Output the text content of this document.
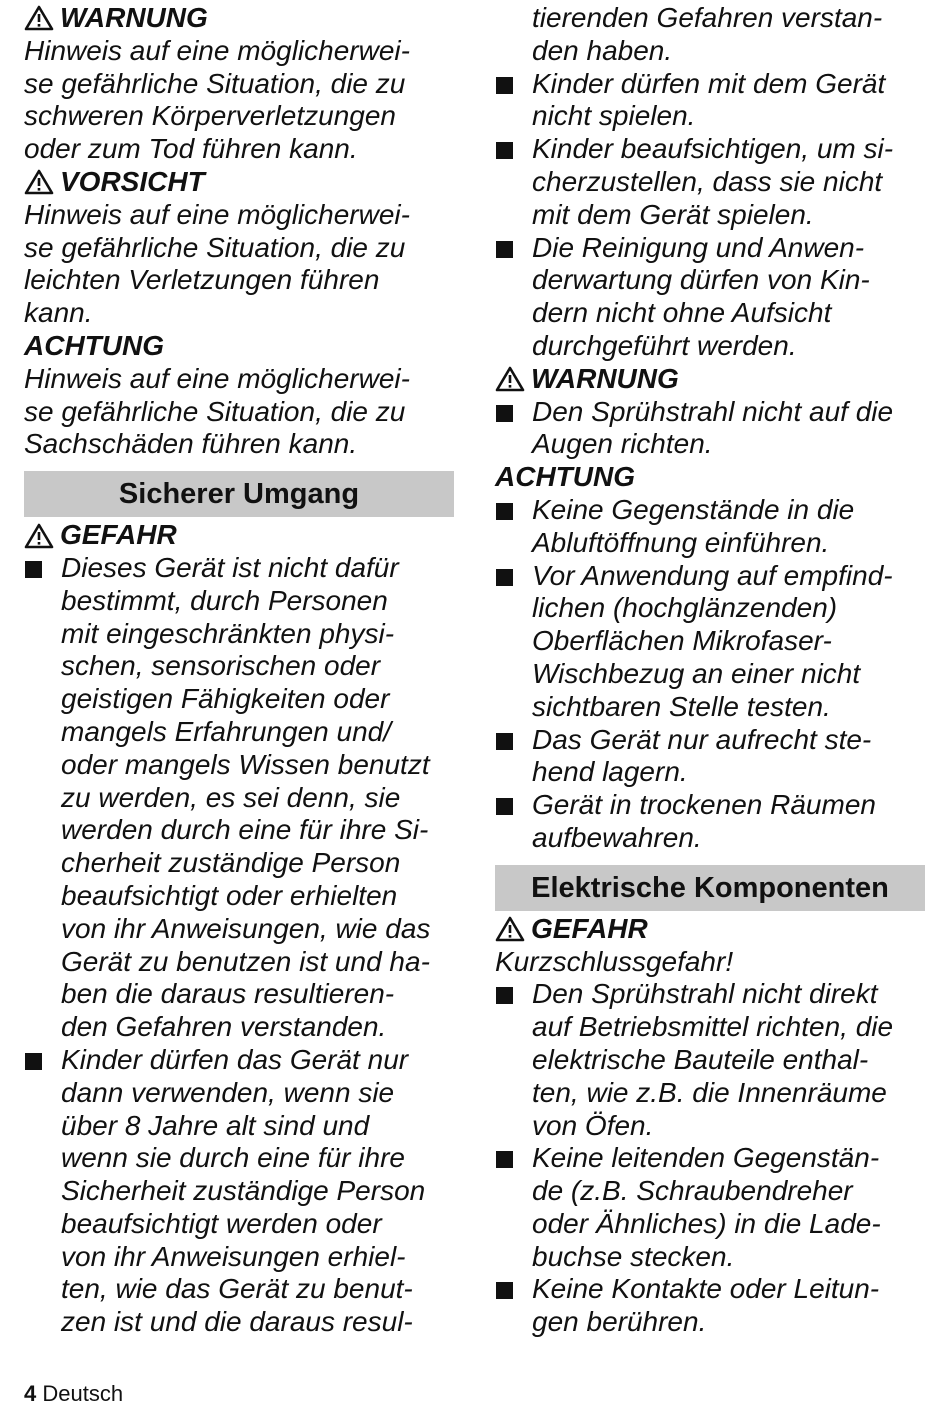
WARNUNG

Hinweis auf eine möglicherwei-
se gefährliche Situation, die zu
schweren Körperverletzungen
oder zum Tod führen kann.

VORSICHT

Hinweis auf eine möglicherwei-
se gefährliche Situation, die zu
leichten Verletzungen führen
kann.

ACHTUNG

Hinweis auf eine möglicherwei-
se gefährliche Situation, die zu
Sachschäden führen kann.

Sicherer Umgang
GEFAHR
Dieses Gerät ist nicht dafür
bestimmt, durch Personen
mit eingeschränkten physi-
schen, sensorischen oder
geistigen Fähigkeiten oder
mangels Erfahrungen und/
oder mangels Wissen benutzt
zu werden, es sei denn, sie
werden durch eine für ihre Si-
cherheit zuständige Person
beaufsichtigt oder erhielten
von ihr Anweisungen, wie das
Gerät zu benutzen ist und ha-
ben die daraus resultieren-
den Gefahren verstanden.
Kinder dürfen das Gerät nur
dann verwenden, wenn sie
über 8 Jahre alt sind und
wenn sie durch eine für ihre
Sicherheit zuständige Person
beaufsichtigt werden oder
von ihr Anweisungen erhiel-
ten, wie das Gerät zu benut-
zen ist und die daraus resul-

tierenden Gefahren verstan-
den haben.

Kinder dürfen mit dem Gerät
nicht spielen.
Kinder beaufsichtigen, um si-
cherzustellen, dass sie nicht
mit dem Gerät spielen.
Die Reinigung und Anwen-
derwartung dürfen von Kin-
dern nicht ohne Aufsicht
durchgeführt werden.
WARNUNG
Den Sprühstrahl nicht auf die
Augen richten.
ACHTUNG
Keine Gegenstände in die
Abluftöffnung einführen.
Vor Anwendung auf empfind-
lichen (hochglänzenden)
Oberflächen Mikrofaser-
Wischbezug an einer nicht
sichtbaren Stelle testen.
Das Gerät nur aufrecht ste-
hend lagern.
Gerät in trockenen Räumen
aufbewahren.
Elektrische Komponenten
GEFAHR

Kurzschlussgefahr!

Den Sprühstrahl nicht direkt
auf Betriebsmittel richten, die
elektrische Bauteile enthal-
ten, wie z.B. die Innenräume
von Öfen.
Keine leitenden Gegenstän-
de (z.B. Schraubendreher
oder Ähnliches) in die Lade-
buchse stecken.
Keine Kontakte oder Leitun-
gen berühren.
4 Deutsch
